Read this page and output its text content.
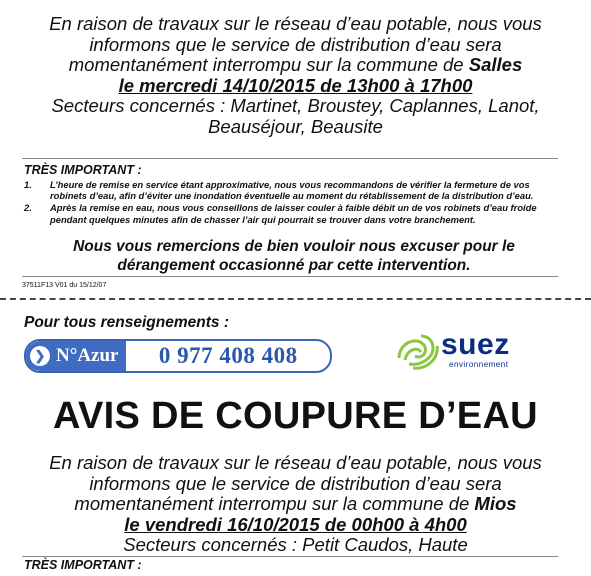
En raison de travaux sur le réseau d’eau potable, nous vous

informons que le service de distribution d’eau sera

momentanément interrompu sur la commune de Salles

le mercredi 14/10/2015 de 13h00 à 17h00

Secteurs concernés : Martinet, Broustey, Caplannes, Lanot,

Beauséjour, Beausite

TRÈS IMPORTANT :
1. L’heure de remise en service étant approximative, nous vous recommandons de vérifier la fermeture de vos robinets d’eau, afin d’éviter une inondation éventuelle au moment du rétablissement de la distribution d’eau.
2. Après la remise en eau, nous vous conseillons de laisser couler à faible débit un de vos robinets d’eau froide pendant quelques minutes afin de chasser l’air qui pourrait se trouver dans votre branchement.
Nous vous remercions de bien vouloir nous excuser pour le
dérangement occasionné par cette intervention.
37511F13 V01 du 15/12/07
Pour tous renseignements :
❯ N°Azur	0 977 408 408	suez
environnement
AVIS DE COUPURE D’EAU

En raison de travaux sur le réseau d’eau potable, nous vous

informons que le service de distribution d’eau sera

momentanément interrompu sur la commune de Mios

le vendredi 16/10/2015 de 00h00 à 4h00

Secteurs concernés : Petit Caudos, Haute

TRÈS IMPORTANT :
